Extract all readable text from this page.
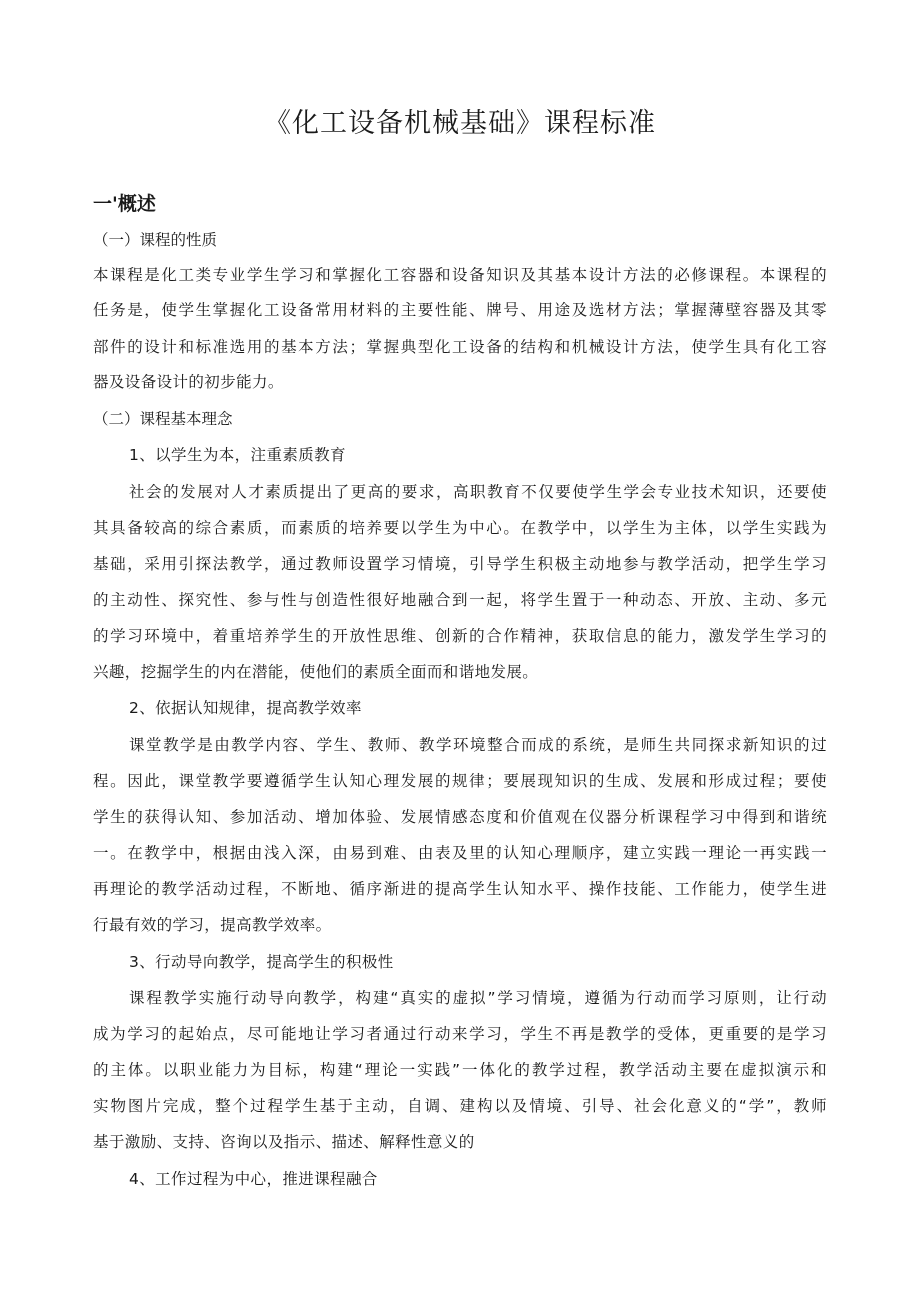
《化工设备机械基础》课程标准
一'概述
（一）课程的性质
本课程是化工类专业学生学习和掌握化工容器和设备知识及其基本设计方法的必修课程。本课程的
任务是，使学生掌握化工设备常用材料的主要性能、牌号、用途及选材方法；掌握薄壁容器及其零
部件的设计和标准选用的基本方法；掌握典型化工设备的结构和机械设计方法，使学生具有化工容
器及设备设计的初步能力。
（二）课程基本理念
1、以学生为本，注重素质教育
社会的发展对人才素质提出了更高的要求，高职教育不仅要使学生学会专业技术知识，还要使
其具备较高的综合素质，而素质的培养要以学生为中心。在教学中，以学生为主体，以学生实践为
基础，采用引探法教学，通过教师设置学习情境，引导学生积极主动地参与教学活动，把学生学习
的主动性、探究性、参与性与创造性很好地融合到一起，将学生置于一种动态、开放、主动、多元
的学习环境中，着重培养学生的开放性思维、创新的合作精神，获取信息的能力，激发学生学习的
兴趣，挖掘学生的内在潜能，使他们的素质全面而和谐地发展。
2、依据认知规律，提高教学效率
课堂教学是由教学内容、学生、教师、教学环境整合而成的系统，是师生共同探求新知识的过
程。因此，课堂教学要遵循学生认知心理发展的规律；要展现知识的生成、发展和形成过程；要使
学生的获得认知、参加活动、增加体验、发展情感态度和价值观在仪器分析课程学习中得到和谐统
一。在教学中，根据由浅入深，由易到难、由表及里的认知心理顺序，建立实践一理论一再实践一
再理论的教学活动过程，不断地、循序渐进的提高学生认知水平、操作技能、工作能力，使学生进
行最有效的学习，提高教学效率。
3、行动导向教学，提高学生的积极性
课程教学实施行动导向教学，构建“真实的虚拟”学习情境，遵循为行动而学习原则，让行动
成为学习的起始点，尽可能地让学习者通过行动来学习，学生不再是教学的受体，更重要的是学习
的主体。以职业能力为目标，构建“理论一实践”一体化的教学过程，教学活动主要在虚拟演示和
实物图片完成，整个过程学生基于主动，自调、建构以及情境、引导、社会化意义的“学”，教师
基于激励、支持、咨询以及指示、描述、解释性意义的
4、工作过程为中心，推进课程融合
